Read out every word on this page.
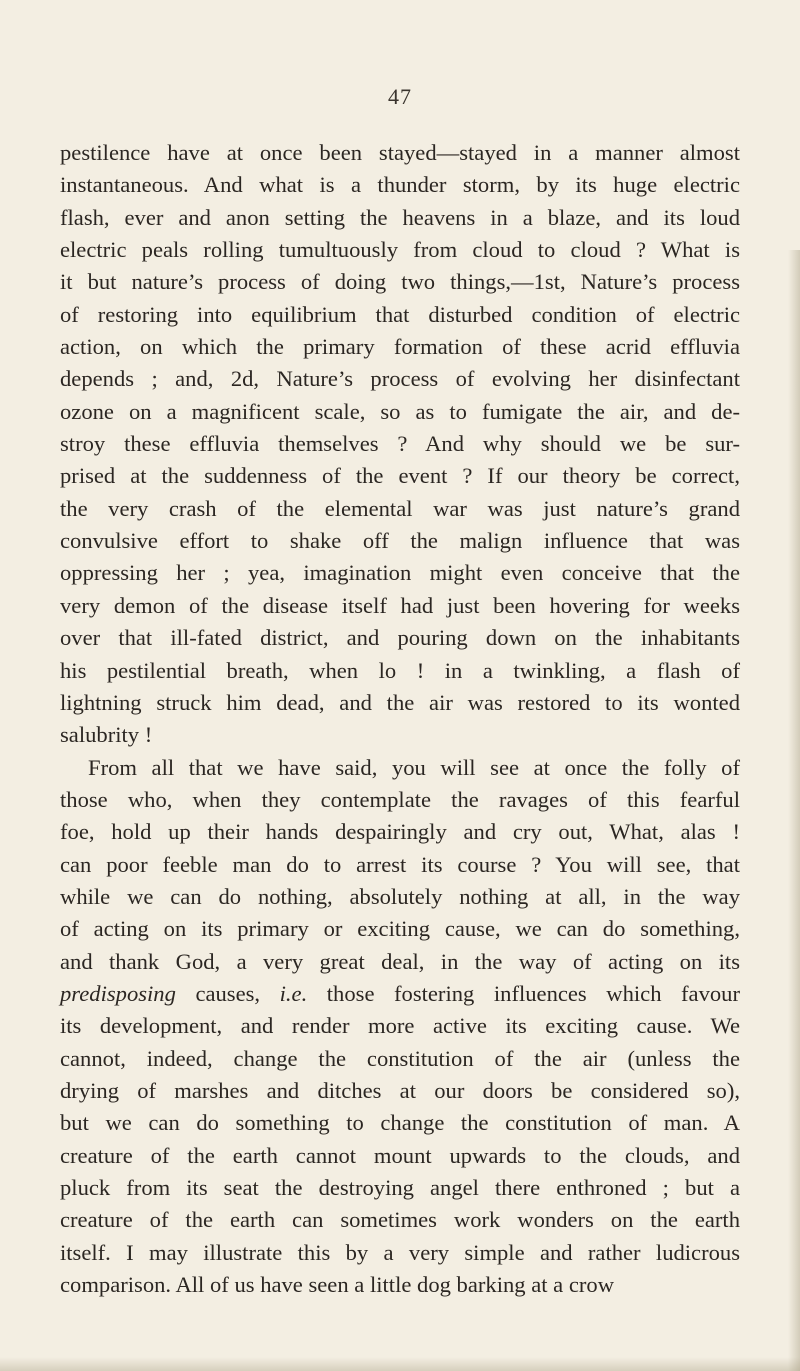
47
pestilence have at once been stayed—stayed in a manner almost
instantaneous. And what is a thunder storm, by its huge electric
flash, ever and anon setting the heavens in a blaze, and its loud
electric peals rolling tumultuously from cloud to cloud ? What is
it but nature’s process of doing two things,—1st, Nature’s process
of restoring into equilibrium that disturbed condition of electric
action, on which the primary formation of these acrid effluvia
depends ; and, 2d, Nature’s process of evolving her disinfectant
ozone on a magnificent scale, so as to fumigate the air, and de-
stroy these effluvia themselves ? And why should we be sur-
prised at the suddenness of the event ? If our theory be correct,
the very crash of the elemental war was just nature’s grand
convulsive effort to shake off the malign influence that was
oppressing her ; yea, imagination might even conceive that the
very demon of the disease itself had just been hovering for weeks
over that ill-fated district, and pouring down on the inhabitants
his pestilential breath, when lo ! in a twinkling, a flash of
lightning struck him dead, and the air was restored to its wonted
salubrity !
From all that we have said, you will see at once the folly of
those who, when they contemplate the ravages of this fearful
foe, hold up their hands despairingly and cry out, What, alas !
can poor feeble man do to arrest its course ? You will see, that
while we can do nothing, absolutely nothing at all, in the way
of acting on its primary or exciting cause, we can do something,
and thank God, a very great deal, in the way of acting on its
predisposing causes, i.e. those fostering influences which favour
its development, and render more active its exciting cause. We
cannot, indeed, change the constitution of the air (unless the
drying of marshes and ditches at our doors be considered so),
but we can do something to change the constitution of man. A
creature of the earth cannot mount upwards to the clouds, and
pluck from its seat the destroying angel there enthroned ; but a
creature of the earth can sometimes work wonders on the earth
itself. I may illustrate this by a very simple and rather ludicrous
comparison. All of us have seen a little dog barking at a crow
